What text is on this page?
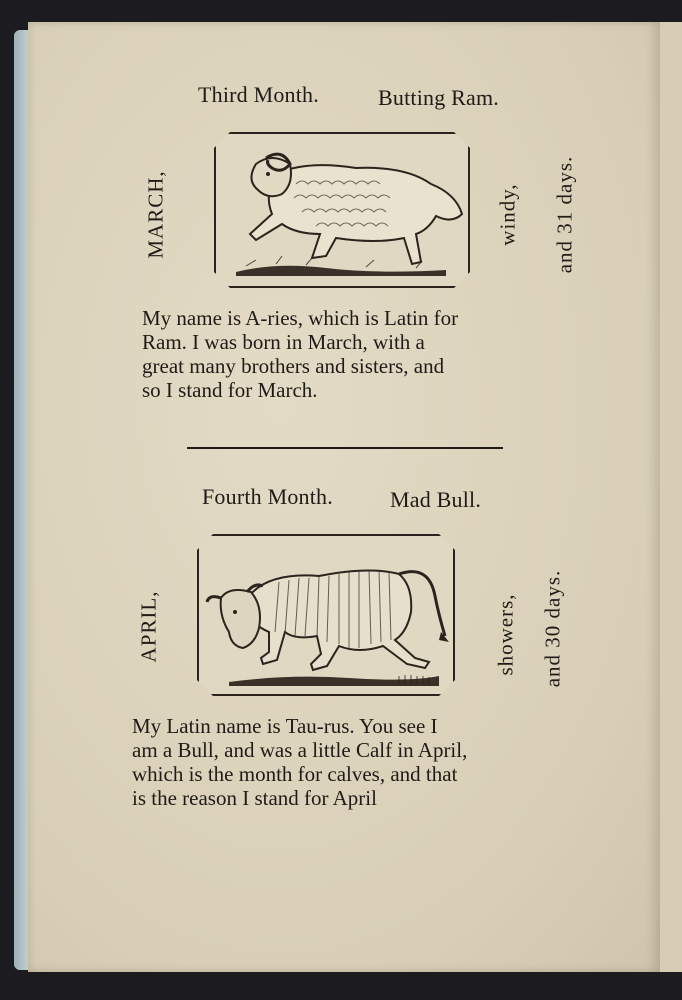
Third Month.	Butting Ram.
MARCH,	windy, and 31 days.

My name is A-ries, which is Latin for

Ram. I was born in March, with a

great many brothers and sisters, and

so I stand for March.

Fourth Month.	Mad Bull.
APRIL,	showers, and 30 days.

My Latin name is Tau-rus. You see I

am a Bull, and was a little Calf in April,

which is the month for calves, and that

is the reason I stand for April
